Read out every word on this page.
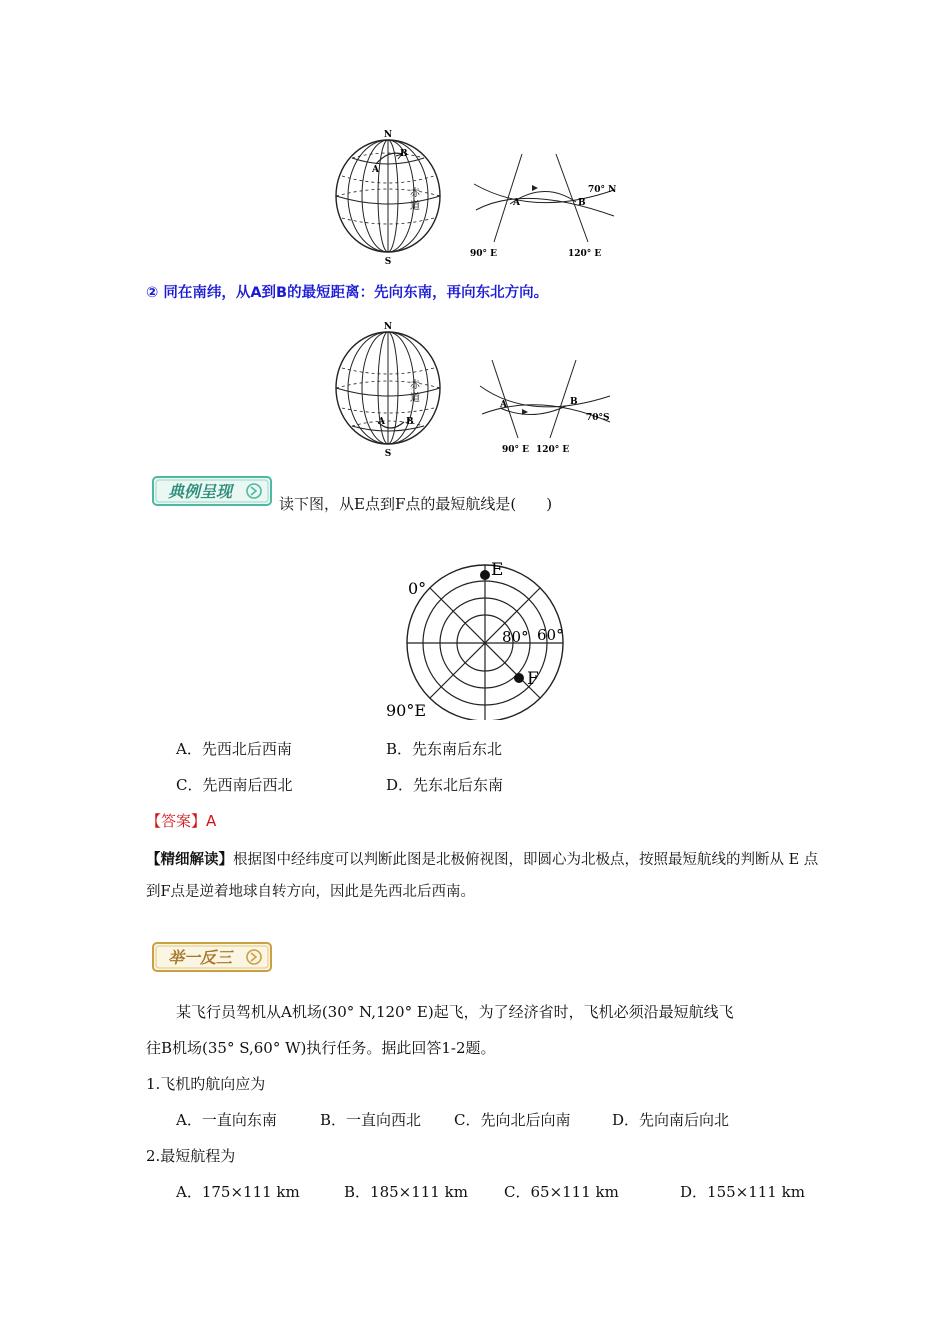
N
S
A
B
赤
道	A	B
70° N
90° E	120° E
② 同在南纬，从A到B的最短距离：先向东南，再向东北方向。
N
S
A B
赤
道
A	B
70°S
90° E 120° E
典例呈现
读下图，从E点到F点的最短航线是(　　)
E
F
0°
80° 60°
90°E
A．先西北后西南	B．先东南后东北
C．先西南后西北	D．先东北后东南
【答案】A
【精细解读】根据图中经纬度可以判断此图是北极俯视图，即圆心为北极点，按照最短航线的判断从 E 点
到F点是逆着地球自转方向，因此是先西北后西南。
举一反三
某飞行员驾机从A机场(30° N,120° E)起飞，为了经济省时，飞机必须沿最短航线飞
往B机场(35° S,60° W)执行任务。据此回答1-2题。
1.飞机旳航向应为
A．一直向东南	B．一直向西北 C．先向北后向南	D．先向南后向北
2.最短航程为
A．175×111 km	B．185×111 km C．65×111 km	D．155×111 km
